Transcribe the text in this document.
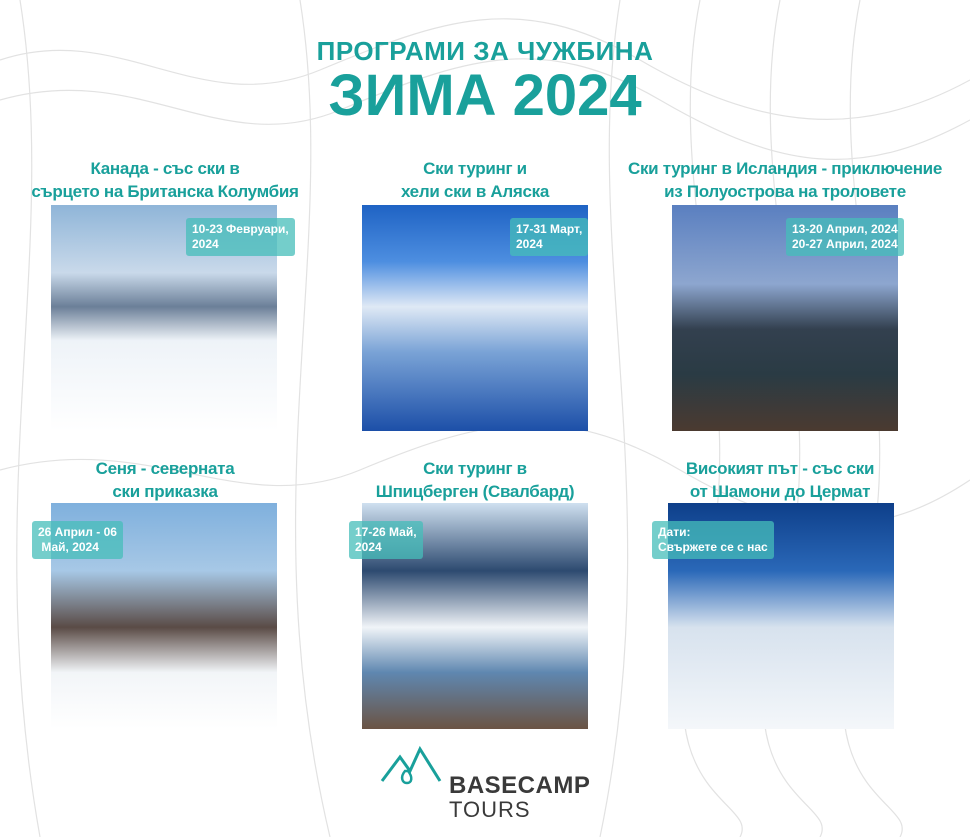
ПРОГРАМИ ЗА ЧУЖБИНА
ЗИМА 2024
Канада - със ски в
сърцето на Британска Колумбия
10-23 Февруари,
2024
Ски туринг и
хели ски в Аляска
17-31 Март,
2024
Ски туринг в Исландия - приключение
из Полуострова на троловете
13-20 Април, 2024
20-27 Април, 2024
Сеня - северната
ски приказка
26 Април - 06
Май, 2024
Ски туринг в
Шпицберген (Свалбард)
17-26 Май,
2024
Високият път - със ски
от Шамони до Цермат
Дати:
Свържете се с нас
BASECAMP
TOURS
